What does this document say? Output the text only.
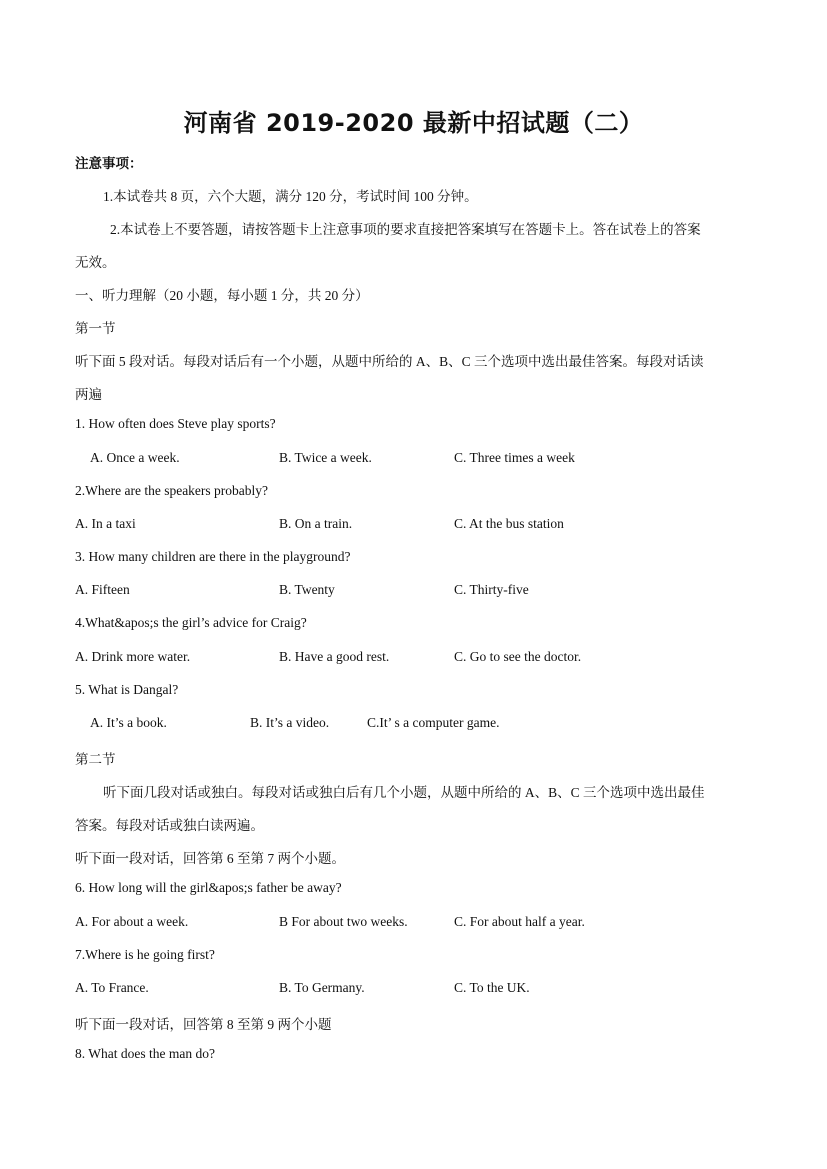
河南省 2019-2020 最新中招试题（二）
注意事项：
1.本试卷共 8 页，六个大题，满分 120 分，考试时间 100 分钟。
2.本试卷上不要答题，请按答题卡上注意事项的要求直接把答案填写在答题卡上。答在试卷上的答案
无效。
一、听力理解（20 小题，每小题 1 分，共 20 分）
第一节
听下面 5 段对话。每段对话后有一个小题，从题中所给的 A、B、C 三个选项中选出最佳答案。每段对话读
两遍
1. How often does Steve play sports?
A. Once a week.	B. Twice a week.	C. Three times a week
2.Where are the speakers probably?
A. In a taxi	B. On a train.	C. At the bus station
3. How many children are there in the playground?
A. Fifteen	B. Twenty	C. Thirty-five
4.What&apos;s the girl’s advice for Craig?
A. Drink more water.	B. Have a good rest.	C. Go to see the doctor.
5. What is Dangal?
A. It’s a book.	B. It’s a video.	C.It’ s a computer game.
第二节
听下面几段对话或独白。每段对话或独白后有几个小题，从题中所给的 A、B、C 三个选项中选出最佳
答案。每段对话或独白读两遍。
听下面一段对话，回答第 6 至第 7 两个小题。
6. How long will the girl&apos;s father be away?
A. For about a week.	B For about two weeks.	C. For about half a year.
7.Where is he going first?
A. To France.	B. To Germany.	C. To the UK.
听下面一段对话，回答第 8 至第 9 两个小题
8. What does the man do?
